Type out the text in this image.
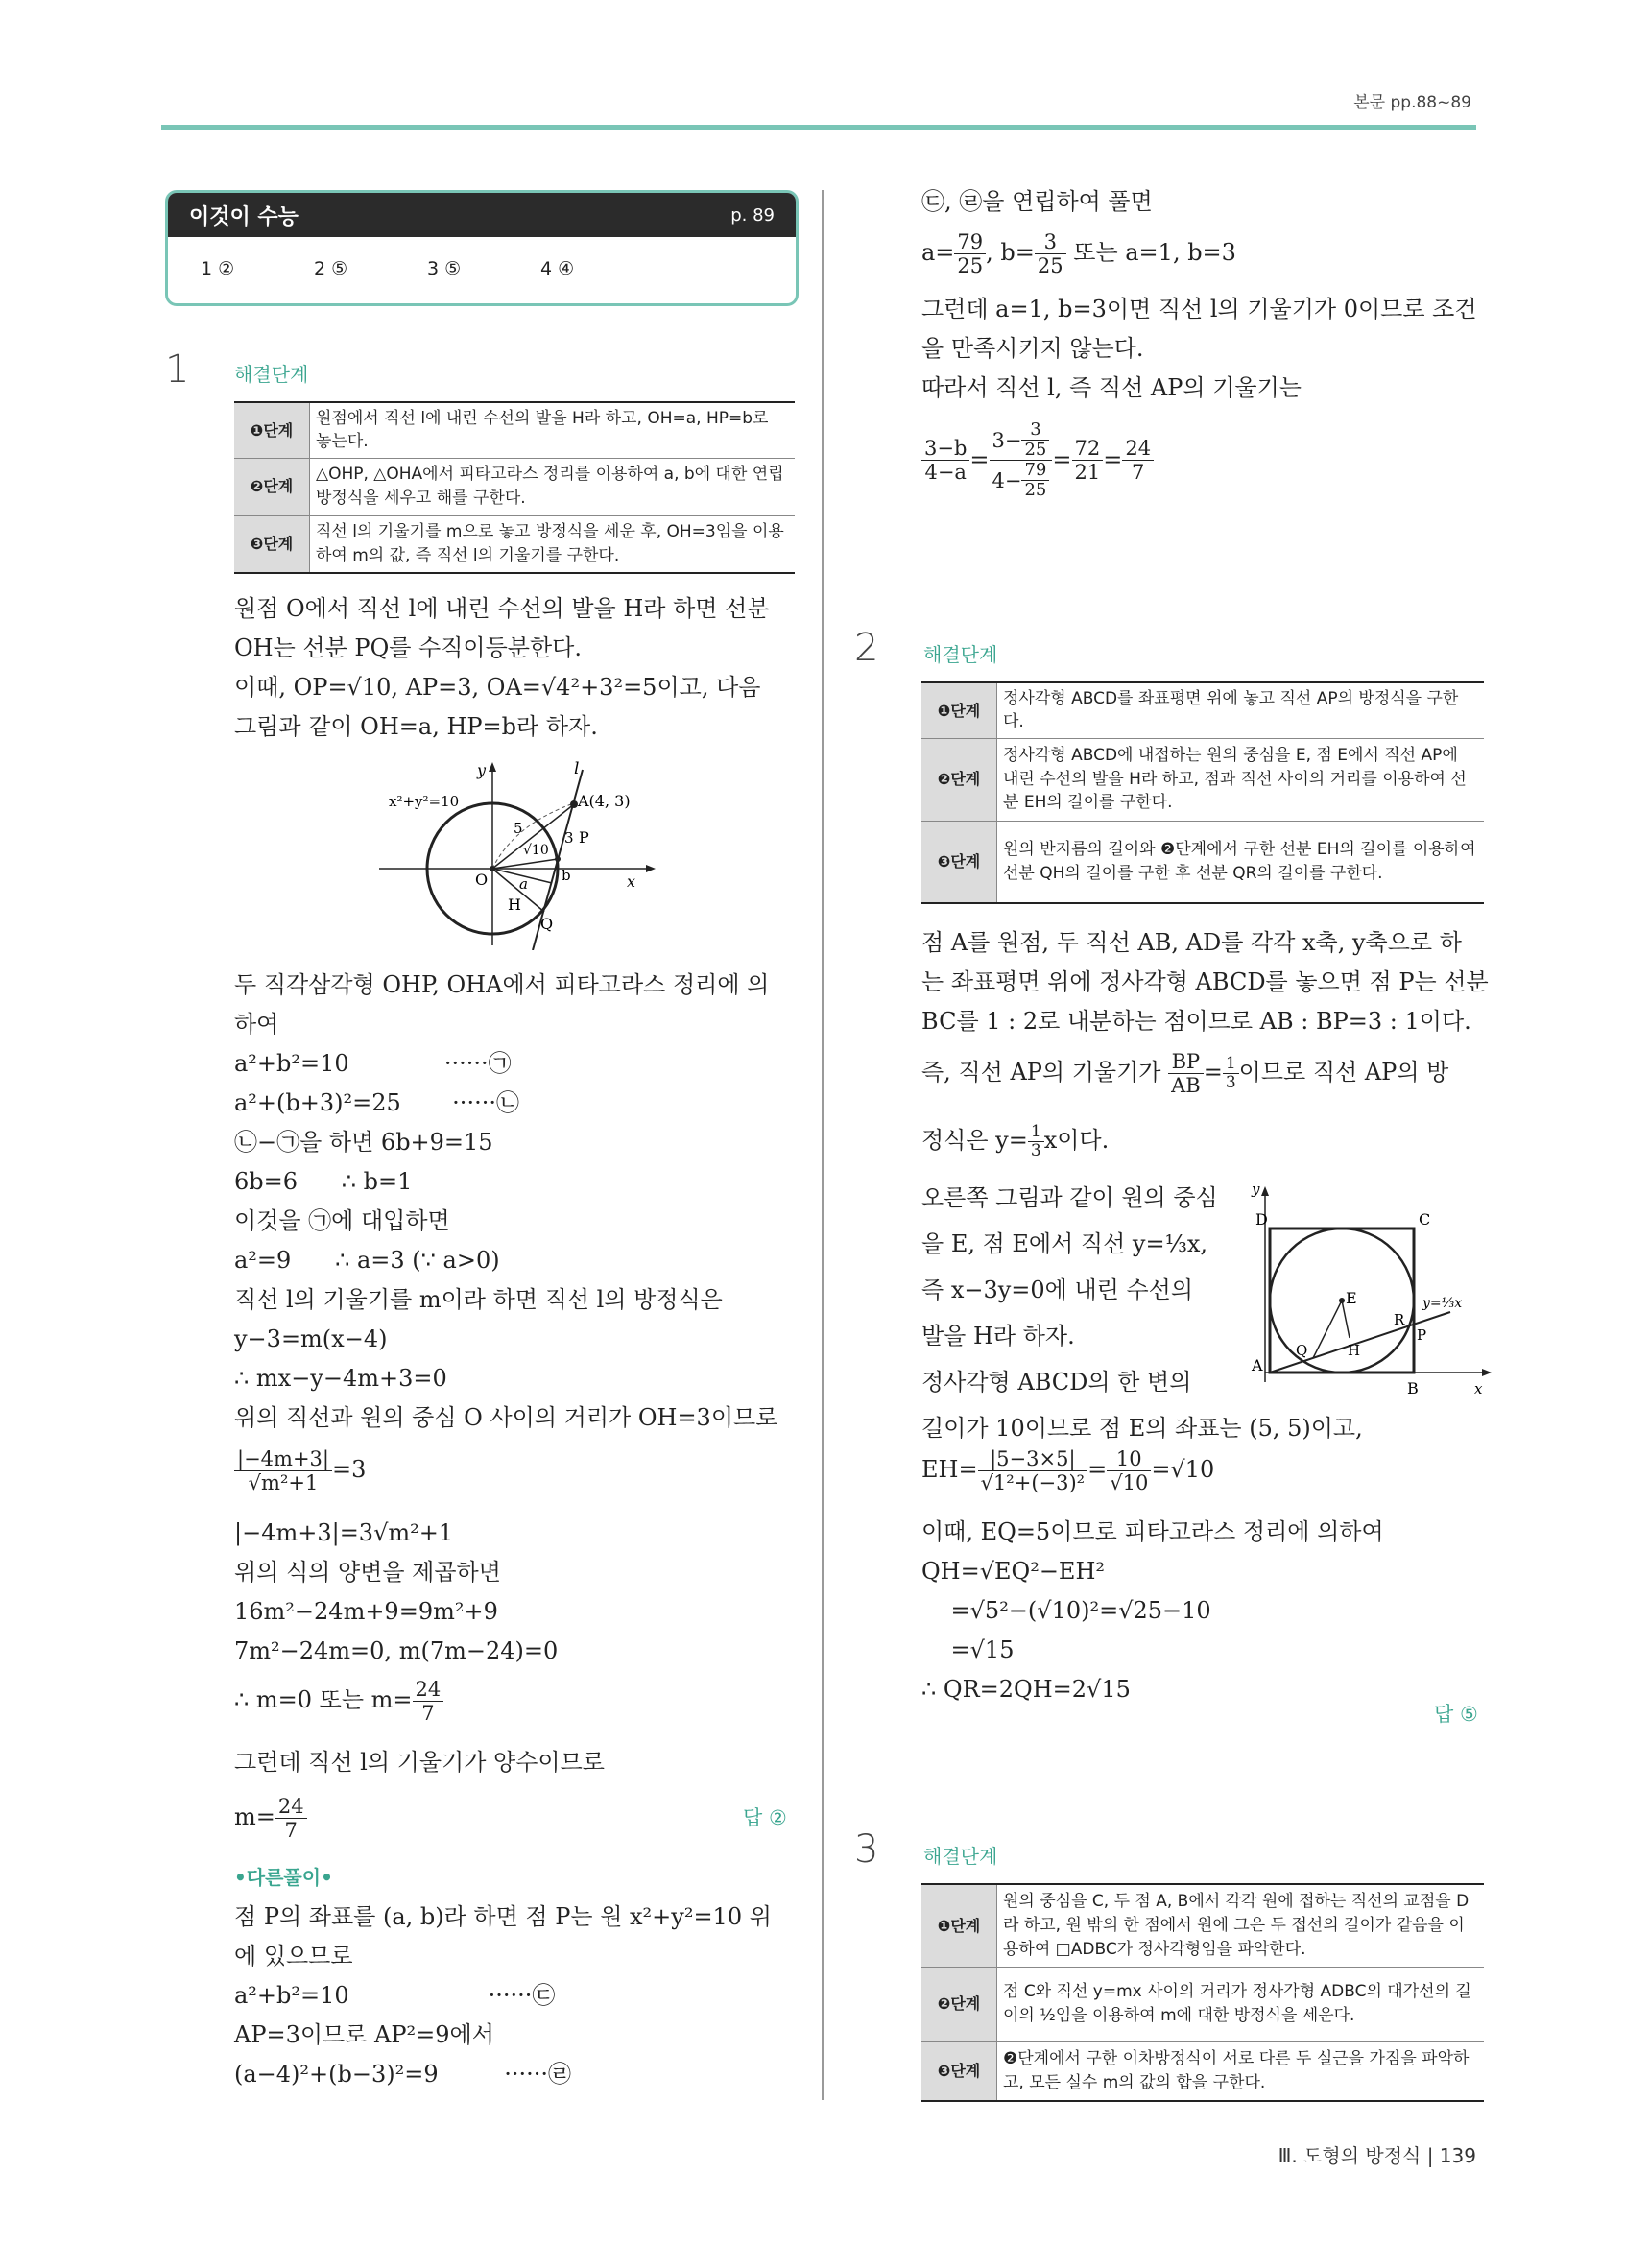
본문 pp.88~89
이것이 수능	p. 89
1 ②	2 ⑤	3 ⑤	4 ④
1 해결단계
❶단계	원점에서 직선 l에 내린 수선의 발을 H라 하고, OH=a, HP=b로 놓는다.
❷단계	△OHP, △OHA에서 피타고라스 정리를 이용하여 a, b에 대한 연립방정식을 세우고 해를 구한다.
❸단계	직선 l의 기울기를 m으로 놓고 방정식을 세운 후, OH=3임을 이용하여 m의 값, 즉 직선 l의 기울기를 구한다.

원점 O에서 직선 l에 내린 수선의 발을 H라 하면 선분

OH는 선분 PQ를 수직이등분한다.

이때, OP=√10, AP=3, OA=√4²+3²=5이고, 다음

그림과 같이 OH=a, HP=b라 하자.

x²+y²=10	A(4, 3)
5
3 P
√10
b
a
O
H
Q
x
y	l

두 직각삼각형 OHP, OHA에서 피타고라스 정리에 의

하여

a²+b²=10             ······㉠

a²+(b+3)²=25       ······㉡

㉡−㉠을 하면 6b+9=15

6b=6      ∴ b=1

이것을 ㉠에 대입하면

a²=9      ∴ a=3 (∵ a>0)

직선 l의 기울기를 m이라 하면 직선 l의 방정식은

y−3=m(x−4)

∴ mx−y−4m+3=0

위의 직선과 원의 중심 O 사이의 거리가 OH=3이므로

$\frac{|-4m+3|}{\text{√m²+1}} =3$

|−4m+3|=3√m²+1

위의 식의 양변을 제곱하면

16m²−24m+9=9m²+9

7m²−24m=0, m(7m−24)=0

∴ m=0 또는 $m= \frac{24}{7}$

그런데 직선 l의 기울기가 양수이므로

$m= \frac{24}{7}$	답 ②
•다른풀이•

점 P의 좌표를 (a, b)라 하면 점 P는 원 x²+y²=10 위

에 있으므로

a²+b²=10                   ······㉢

AP=3이므로 AP²=9에서

(a−4)²+(b−3)²=9         ······㉣

㉢, ㉣을 연립하여 풀면

$a= \frac{79}{25}$ , $b= \frac{3}{25}$ 또는 a=1, b=3

그런데 a=1, b=3이면 직선 l의 기울기가 0이므로 조건

을 만족시키지 않는다.

따라서 직선 l, 즉 직선 AP의 기울기는

$\frac{3-b}{4-a} = \frac{3- \frac{3}{25}}{4- \frac{79}{25}} = \frac{72}{21} = \frac{24}{7}$
2 해결단계
❶단계	정사각형 ABCD를 좌표평면 위에 놓고 직선 AP의 방정식을 구한다.
❷단계	정사각형 ABCD에 내접하는 원의 중심을 E, 점 E에서 직선 AP에 내린 수선의 발을 H라 하고, 점과 직선 사이의 거리를 이용하여 선분 EH의 길이를 구한다.
❸단계	원의 반지름의 길이와 ❷단계에서 구한 선분 EH의 길이를 이용하여 선분 QH의 길이를 구한 후 선분 QR의 길이를 구한다.

점 A를 원점, 두 직선 AB, AD를 각각 x축, y축으로 하

는 좌표평면 위에 정사각형 ABCD를 놓으면 점 P는 선분

BC를 1 : 2로 내분하는 점이므로 AB : BP=3 : 1이다.

즉, 직선 AP의 기울기가 $\frac{BP}{AB} = \frac{1}{3}$ 이므로 직선 AP의 방
정식은 $y= \frac{1}{3}$ x이다.

오른쪽 그림과 같이 원의 중심

을 E, 점 E에서 직선 y=⅓x,

즉 x−3y=0에 내린 수선의

발을 H라 하자.

정사각형 ABCD의 한 변의

길이가 10이므로 점 E의 좌표는 (5, 5)이고,

y
D	C
E
R
P
Q	H
A
B	x
y=⅓x
$EH= \frac{|5-3\times 5|}{\text{√1²+(−3)²}} = \frac{10}{√10} =√10$

이때, EQ=5이므로 피타고라스 정리에 의하여

QH=√EQ²−EH²

=√5²−(√10)²=√25−10

=√15

∴ QR=2QH=2√15

답 ⑤
3 해결단계
❶단계	원의 중심을 C, 두 점 A, B에서 각각 원에 접하는 직선의 교점을 D라 하고, 원 밖의 한 점에서 원에 그은 두 접선의 길이가 같음을 이용하여 □ADBC가 정사각형임을 파악한다.
❷단계	점 C와 직선 y=mx 사이의 거리가 정사각형 ADBC의 대각선의 길이의 ½임을 이용하여 m에 대한 방정식을 세운다.
❸단계	❷단계에서 구한 이차방정식이 서로 다른 두 실근을 가짐을 파악하고, 모든 실수 m의 값의 합을 구한다.
Ⅲ. 도형의 방정식 | 139
